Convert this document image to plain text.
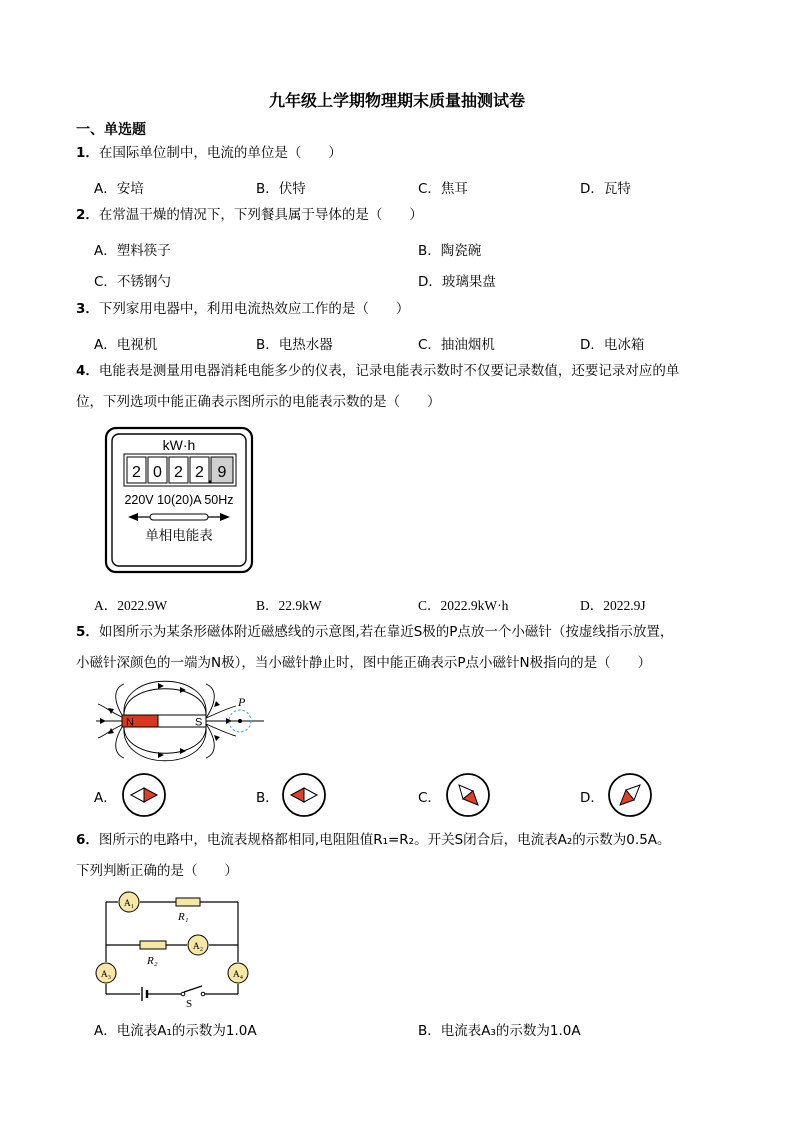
九年级上学期物理期末质量抽测试卷
一、单选题
1．在国际单位制中，电流的单位是（　　）
A．安培	B．伏特	C．焦耳	D．瓦特
2．在常温干燥的情况下，下列餐具属于导体的是（　　）
A．塑料筷子	B．陶瓷碗
C．不锈钢勺	D．玻璃果盘
3．下列家用电器中，利用电流热效应工作的是（　　）
A．电视机	B．电热水器	C．抽油烟机	D．电冰箱
4．电能表是测量用电器消耗电能多少的仪表，记录电能表示数时不仅要记录数值，还要记录对应的单
位，下列选项中能正确表示图所示的电能表示数的是（　　）
kW·h
2 0 2 2 9
220V 10(20)A 50Hz
单相电能表
A．2022.9W	B．22.9kW	C．2022.9kW·h	D．2022.9J
5．如图所示为某条形磁体附近磁感线的示意图,若在靠近S极的P点放一个小磁针（按虚线指示放置，
小磁针深颜色的一端为N极），当小磁针静止时，图中能正确表示P点小磁针N极指向的是（　　）
N	S
P
A．	B．	C．	D．
6．图所示的电路中，电流表规格都相同,电阻阻值R₁=R₂。开关S闭合后，电流表A₂的示数为0.5A。
下列判断正确的是（　　）
S
R₁
R₂
A₁
A₂
A₃	A₄
A．电流表A₁的示数为1.0A	B．电流表A₃的示数为1.0A
